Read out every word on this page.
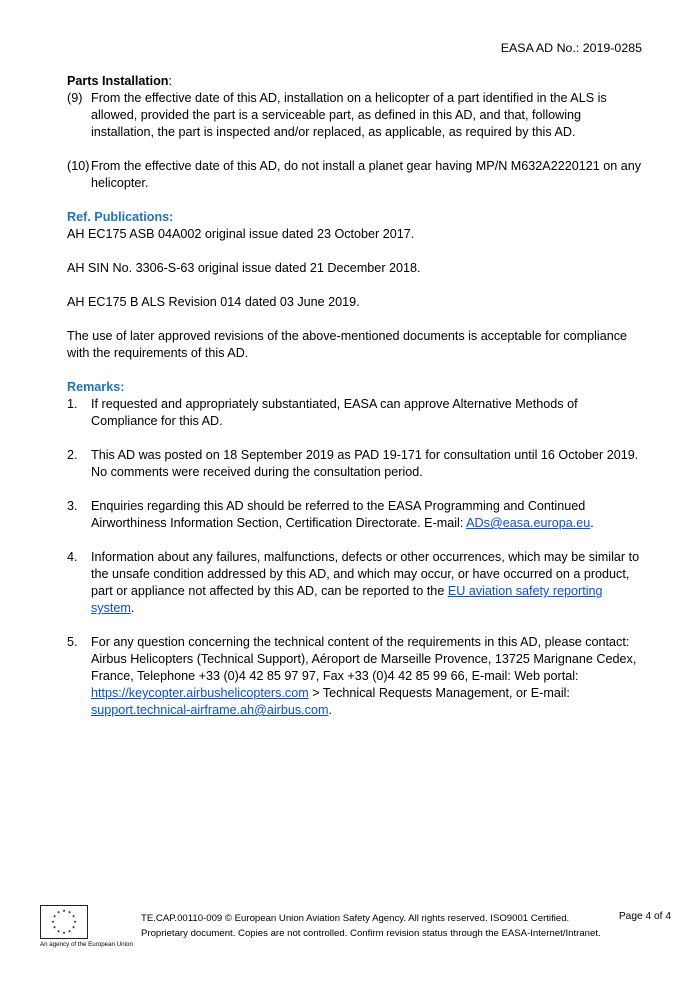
EASA AD No.: 2019-0285

Parts Installation:

(9) From the effective date of this AD, installation on a helicopter of a part identified in the ALS is allowed, provided the part is a serviceable part, as defined in this AD, and that, following installation, the part is inspected and/or replaced, as applicable, as required by this AD.
(10) From the effective date of this AD, do not install a planet gear having MP/N M632A2220121 on any helicopter.

Ref. Publications:

AH EC175 ASB 04A002 original issue dated 23 October 2017.

AH SIN No. 3306-S-63 original issue dated 21 December 2018.

AH EC175 B ALS Revision 014 dated 03 June 2019.

The use of later approved revisions of the above-mentioned documents is acceptable for compliance with the requirements of this AD.

Remarks:

1.	If requested and appropriately substantiated, EASA can approve Alternative Methods of Compliance for this AD.
2.	This AD was posted on 18 September 2019 as PAD 19-171 for consultation until 16 October 2019. No comments were received during the consultation period.
3.	Enquiries regarding this AD should be referred to the EASA Programming and Continued Airworthiness Information Section, Certification Directorate. E-mail: ADs@easa.europa.eu.
4.	Information about any failures, malfunctions, defects or other occurrences, which may be similar to the unsafe condition addressed by this AD, and which may occur, or have occurred on a product, part or appliance not affected by this AD, can be reported to the EU aviation safety reporting system.
5.	For any question concerning the technical content of the requirements in this AD, please contact: Airbus Helicopters (Technical Support), Aéroport de Marseille Provence, 13725 Marignane Cedex, France, Telephone +33 (0)4 42 85 97 97, Fax +33 (0)4 42 85 99 66, E-mail: Web portal: https://keycopter.airbushelicopters.com > Technical Requests Management, or E-mail: support.technical-airframe.ah@airbus.com.
★ ★
★
★
★
★
★
★
★
★
★
★
An agency of the European Union
TE.CAP.00110-009 © European Union Aviation Safety Agency. All rights reserved. ISO9001 Certified.
Proprietary document. Copies are not controlled. Confirm revision status through the EASA-Internet/Intranet.
Page 4 of 4
